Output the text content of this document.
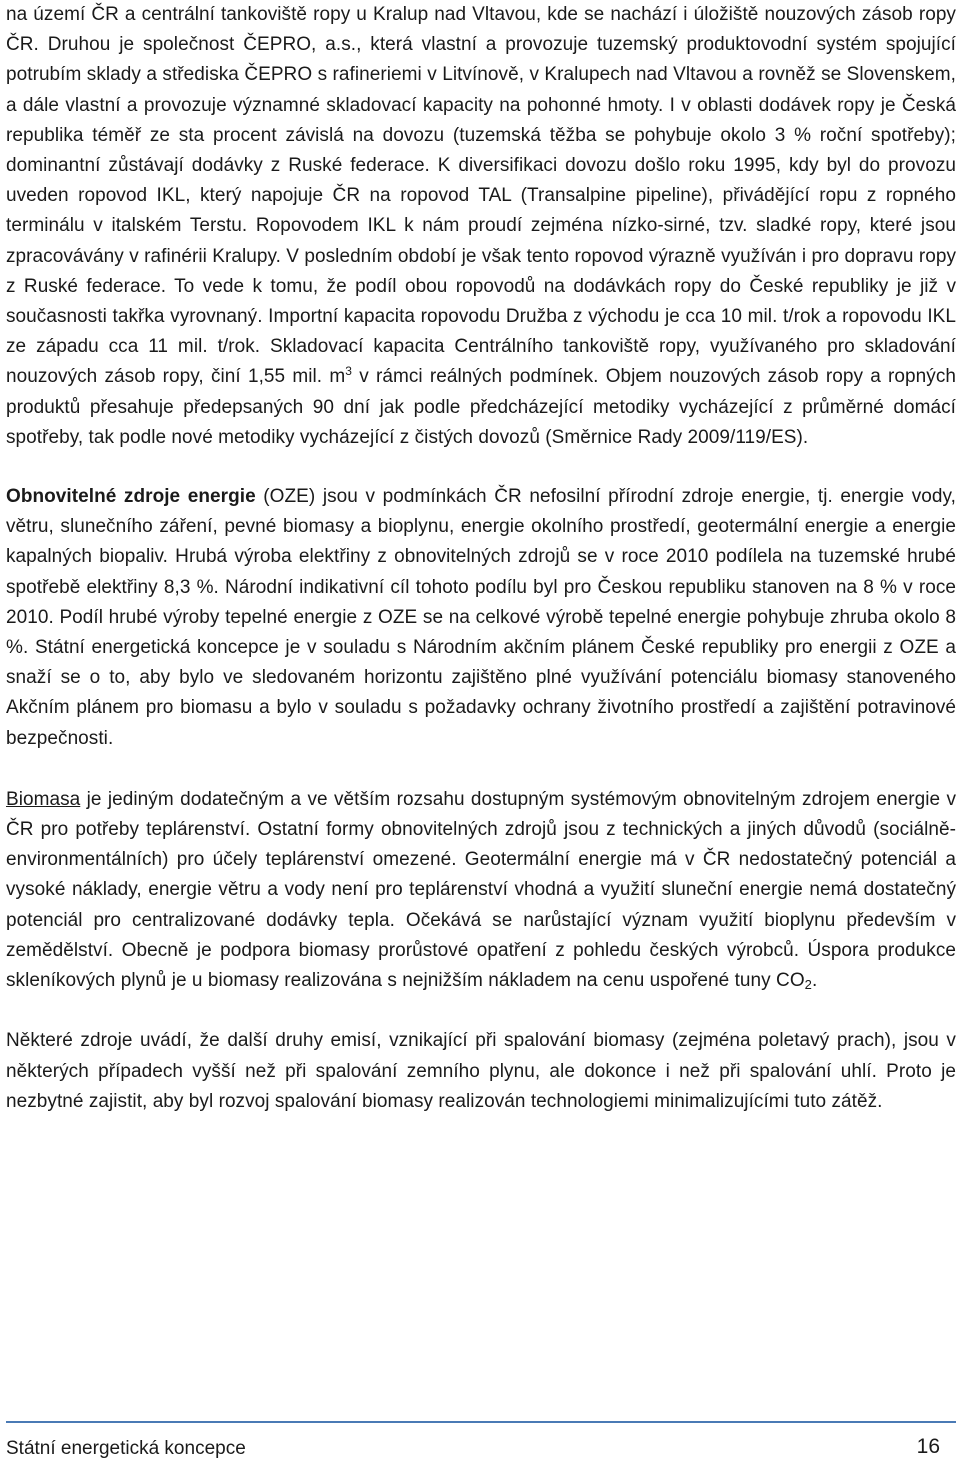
na území ČR a centrální tankoviště ropy u Kralup nad Vltavou, kde se nachází i úložiště nouzových zásob ropy ČR. Druhou je společnost ČEPRO, a.s., která vlastní a provozuje tuzemský produktovodní systém spojující potrubím sklady a střediska ČEPRO s rafineriemi v Litvínově, v Kralupech nad Vltavou a rovněž se Slovenskem, a dále vlastní a provozuje významné skladovací kapacity na pohonné hmoty. I v oblasti dodávek ropy je Česká republika téměř ze sta procent závislá na dovozu (tuzemská těžba se pohybuje okolo 3 % roční spotřeby); dominantní zůstávají dodávky z Ruské federace. K diversifikaci dovozu došlo roku 1995, kdy byl do provozu uveden ropovod IKL, který napojuje ČR na ropovod TAL (Transalpine pipeline), přivádějící ropu z ropného terminálu v italském Terstu. Ropovodem IKL k nám proudí zejména nízko-sirné, tzv. sladké ropy, které jsou zpracovávány v rafinérii Kralupy. V posledním období je však tento ropovod výrazně využíván i pro dopravu ropy z Ruské federace. To vede k tomu, že podíl obou ropovodů na dodávkách ropy do České republiky je již v současnosti takřka vyrovnaný. Importní kapacita ropovodu Družba z východu je cca 10 mil. t/rok a ropovodu IKL ze západu cca 11 mil. t/rok. Skladovací kapacita Centrálního tankoviště ropy, využívaného pro skladování nouzových zásob ropy, činí 1,55 mil. $m^3$ v rámci reálných podmínek. Objem nouzových zásob ropy a ropných produktů přesahuje předepsaných 90 dní jak podle předcházející metodiky vycházející z průměrné domácí spotřeby, tak podle nové metodiky vycházející z čistých dovozů (Směrnice Rady 2009/119/ES).

Obnovitelné zdroje energie (OZE) jsou v podmínkách ČR nefosilní přírodní zdroje energie, tj. energie vody, větru, slunečního záření, pevné biomasy a bioplynu, energie okolního prostředí, geotermální energie a energie kapalných biopaliv. Hrubá výroba elektřiny z obnovitelných zdrojů se v roce 2010 podílela na tuzemské hrubé spotřebě elektřiny 8,3 %. Národní indikativní cíl tohoto podílu byl pro Českou republiku stanoven na 8 % v roce 2010. Podíl hrubé výroby tepelné energie z OZE se na celkové výrobě tepelné energie pohybuje zhruba okolo 8 %. Státní energetická koncepce je v souladu s Národním akčním plánem České republiky pro energii z OZE a snaží se o to, aby bylo ve sledovaném horizontu zajištěno plné využívání potenciálu biomasy stanoveného Akčním plánem pro biomasu a bylo v souladu s požadavky ochrany životního prostředí a zajištění potravinové bezpečnosti.

Biomasa je jediným dodatečným a ve větším rozsahu dostupným systémovým obnovitelným zdrojem energie v ČR pro potřeby teplárenství. Ostatní formy obnovitelných zdrojů jsou z technických a jiných důvodů (sociálně-environmentálních) pro účely teplárenství omezené. Geotermální energie má v ČR nedostatečný potenciál a vysoké náklady, energie větru a vody není pro teplárenství vhodná a využití sluneční energie nemá dostatečný potenciál pro centralizované dodávky tepla. Očekává se narůstající význam využití bioplynu především v zemědělství. Obecně je podpora biomasy prorůstové opatření z pohledu českých výrobců. Úspora produkce skleníkových plynů je u biomasy realizována s nejnižším nákladem na cenu uspořené tuny $CO_2$.

Některé zdroje uvádí, že další druhy emisí, vznikající při spalování biomasy (zejména poletavý prach), jsou v některých případech vyšší než při spalování zemního plynu, ale dokonce i než při spalování uhlí. Proto je nezbytné zajistit, aby byl rozvoj spalování biomasy realizován technologiemi minimalizujícími tuto zátěž.

Státní energetická koncepce	16
